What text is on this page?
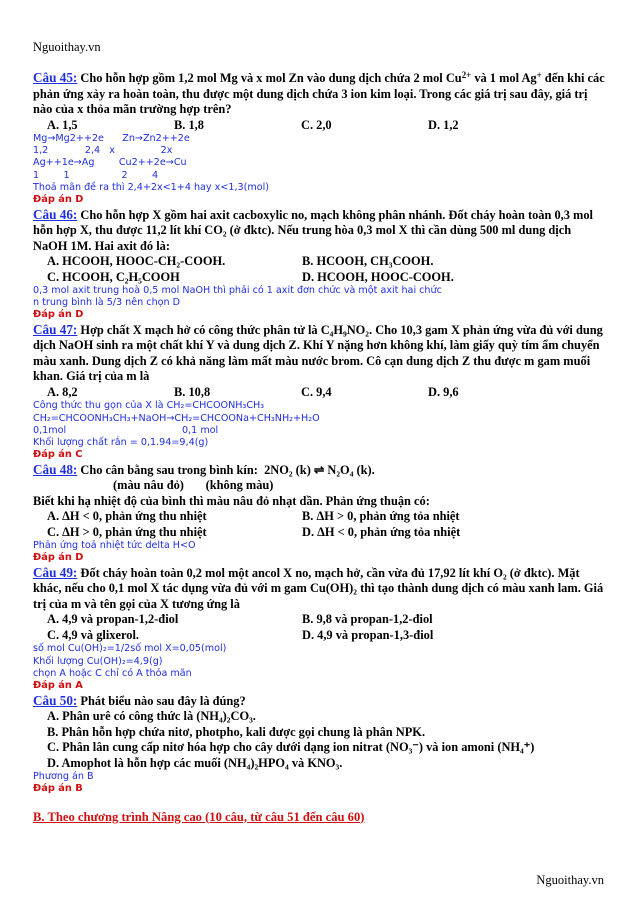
Nguoithay.vn
Câu 45: Cho hỗn hợp gồm 1,2 mol Mg và x mol Zn vào dung dịch chứa 2 mol $Cu^{2+}$ và 1 mol Ag+ đến khi các phản ứng xảy ra hoàn toàn, thu được một dung dịch chứa 3 ion kim loại. Trong các giá trị sau đây, giá trị nào của x thỏa mãn trường hợp trên?
A. 1,5	B. 1,8	C. 2,0	D. 1,2
Mg→Mg2++2e      Zn→Zn2++2e
1,2            2,4   x               2x
Ag++1e→Ag        Cu2++2e→Cu
1        1                 2        4
Thoả mãn đề ra thì 2,4+2x<1+4 hay x<1,3(mol)
Đáp án D
Câu 46: Cho hỗn hợp X gồm hai axit cacboxylic no, mạch không phân nhánh. Đốt cháy hoàn toàn 0,3 mol hỗn hợp X, thu được 11,2 lít khí CO₂ (ở đktc). Nếu trung hòa 0,3 mol X thì cần dùng 500 ml dung dịch NaOH 1M. Hai axit đó là:
A. HCOOH, HOOC-CH₂-COOH.	B. HCOOH, CH₃COOH.
C. HCOOH, C₂H₅COOH	D. HCOOH, HOOC-COOH.
0,3 mol axit trung hoà 0,5 mol NaOH thì phải có 1 axit đơn chức và một axit hai chức
n trung bình là 5/3 nên chọn D
Đáp án D
Câu 47: Hợp chất X mạch hở có công thức phân tử là C₄H₉NO₂. Cho 10,3 gam X phản ứng vừa đủ với dung dịch NaOH sinh ra một chất khí Y và dung dịch Z. Khí Y nặng hơn không khí, làm giấy quỳ tím ẩm chuyển màu xanh. Dung dịch Z có khả năng làm mất màu nước brom. Cô cạn dung dịch Z thu được m gam muối khan. Giá trị của m là
A. 8,2	B. 10,8	C. 9,4	D. 9,6
Công thức thu gọn của X là CH₂=CHCOONH₃CH₃
CH₂=CHCOONH₃CH₃+NaOH→CH₂=CHCOONa+CH₃NH₂+H₂O
0,1mol                                      0,1 mol
Khối lượng chất rắn = 0,1.94=9,4(g)
Đáp án C
Câu 48: Cho cân bằng sau trong bình kín: 2NO₂ (k) ⇌ N₂O₄ (k).
(màu nâu đỏ)       (không màu)
Biết khi hạ nhiệt độ của bình thì màu nâu đỏ nhạt dần. Phản ứng thuận có:
A. ΔH < 0, phản ứng thu nhiệt	B. ΔH > 0, phản ứng tỏa nhiệt
C. ΔH > 0, phản ứng thu nhiệt	D. ΔH < 0, phản ứng tỏa nhiệt
Phản ứng toả nhiệt tức delta H<O
Đáp án D
Câu 49: Đốt cháy hoàn toàn 0,2 mol một ancol X no, mạch hở, cần vừa đủ 17,92 lít khí O₂ (ở đktc). Mặt khác, nếu cho 0,1 mol X tác dụng vừa đủ với m gam Cu(OH)₂ thì tạo thành dung dịch có màu xanh lam. Giá trị của m và tên gọi của X tương ứng là
A. 4,9 và propan-1,2-điol	B. 9,8 và propan-1,2-điol
C. 4,9 và glixerol.	D. 4,9 và propan-1,3-điol
số mol Cu(OH)₂=1/2số mol X=0,05(mol)
Khối lượng Cu(OH)₂=4,9(g)
chọn A hoặc C chỉ có A thỏa mãn
Đáp án A
Câu 50: Phát biểu nào sau đây là đúng?
A. Phân urê có công thức là (NH₄)₂CO₃.
B. Phân hỗn hợp chứa nitơ, photpho, kali được gọi chung là phân NPK.
C. Phân lân cung cấp nitơ hóa hợp cho cây dưới dạng ion nitrat (NO₃⁻) và ion amoni (NH₄⁺)
D. Amophot là hỗn hợp các muối (NH₄)₂HPO₄ và KNO₃.
Phương án B
Đáp án B
B. Theo chương trình Nâng cao (10 câu, từ câu 51 đến câu 60)
Nguoithay.vn
